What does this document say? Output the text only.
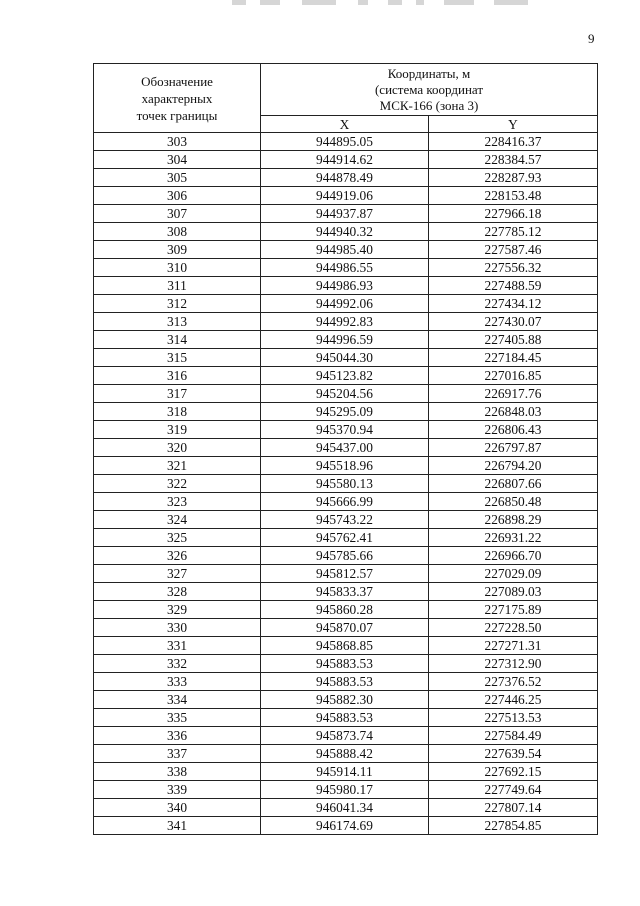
9
Обозначение
характерных
точек границы	Координаты, м
(система координат
МСК-166 (зона 3)	

	X	Y
303	944895.05	228416.37
304	944914.62	228384.57
305	944878.49	228287.93
306	944919.06	228153.48
307	944937.87	227966.18
308	944940.32	227785.12
309	944985.40	227587.46
310	944986.55	227556.32
311	944986.93	227488.59
312	944992.06	227434.12
313	944992.83	227430.07
314	944996.59	227405.88
315	945044.30	227184.45
316	945123.82	227016.85
317	945204.56	226917.76
318	945295.09	226848.03
319	945370.94	226806.43
320	945437.00	226797.87
321	945518.96	226794.20
322	945580.13	226807.66
323	945666.99	226850.48
324	945743.22	226898.29
325	945762.41	226931.22
326	945785.66	226966.70
327	945812.57	227029.09
328	945833.37	227089.03
329	945860.28	227175.89
330	945870.07	227228.50
331	945868.85	227271.31
332	945883.53	227312.90
333	945883.53	227376.52
334	945882.30	227446.25
335	945883.53	227513.53
336	945873.74	227584.49
337	945888.42	227639.54
338	945914.11	227692.15
339	945980.17	227749.64
340	946041.34	227807.14
341	946174.69	227854.85
